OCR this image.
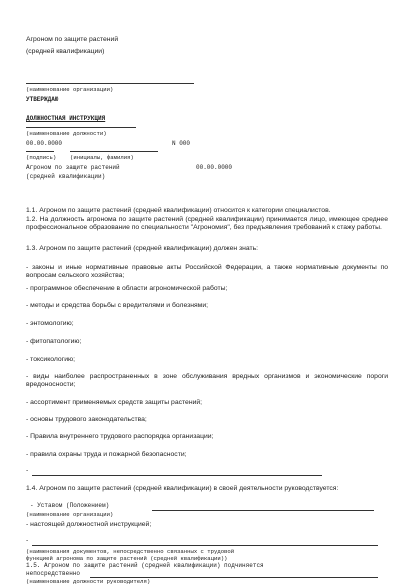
Агроном по защите растений
(средней квалификации)
(наименование организации)
УТВЕРЖДАЮ
ДОЛЖНОСТНАЯ ИНСТРУКЦИЯ
(наименование должности)
00.00.0000	N 000
(подпись) (инициалы, фамилия)
Агроном по защите растений	00.00.0000
(средней квалификации)
1.1. Агроном по защите растений (средней квалификации) относится к категории специалистов.
1.2. На должность агронома по защите растений (средней квалификации) принимается лицо, имеющее среднее профессиональное образование по специальности "Агрономия", без предъявления требований к стажу работы.
1.3. Агроном по защите растений (средней квалификации) должен знать:
- законы и иные нормативные правовые акты Российской Федерации, а также нормативные документы по вопросам сельского хозяйства;
- программное обеспечение в области агрономической работы;
- методы и средства борьбы с вредителями и болезнями;
- энтомологию;
- фитопатологию;
- токсикологию;
- виды наиболее распространенных в зоне обслуживания вредных организмов и экономические пороги вредоносности;
- ассортимент применяемых средств защиты растений;
- основы трудового законодательства;
- Правила внутреннего трудового распорядка организации;
- правила охраны труда и пожарной безопасности;
-
1.4. Агроном по защите растений (средней квалификации) в своей деятельности руководствуется:
- Уставом (Положением)
(наименование организации)
- настоящей должностной инструкцией;
-
(наименования документов, непосредственно связанных с трудовой
функцией агронома по защите растений (средней квалификации))
1.5. Агроном по защите растений (средней квалификации) подчиняется
непосредственно
(наименование должности руководителя)
